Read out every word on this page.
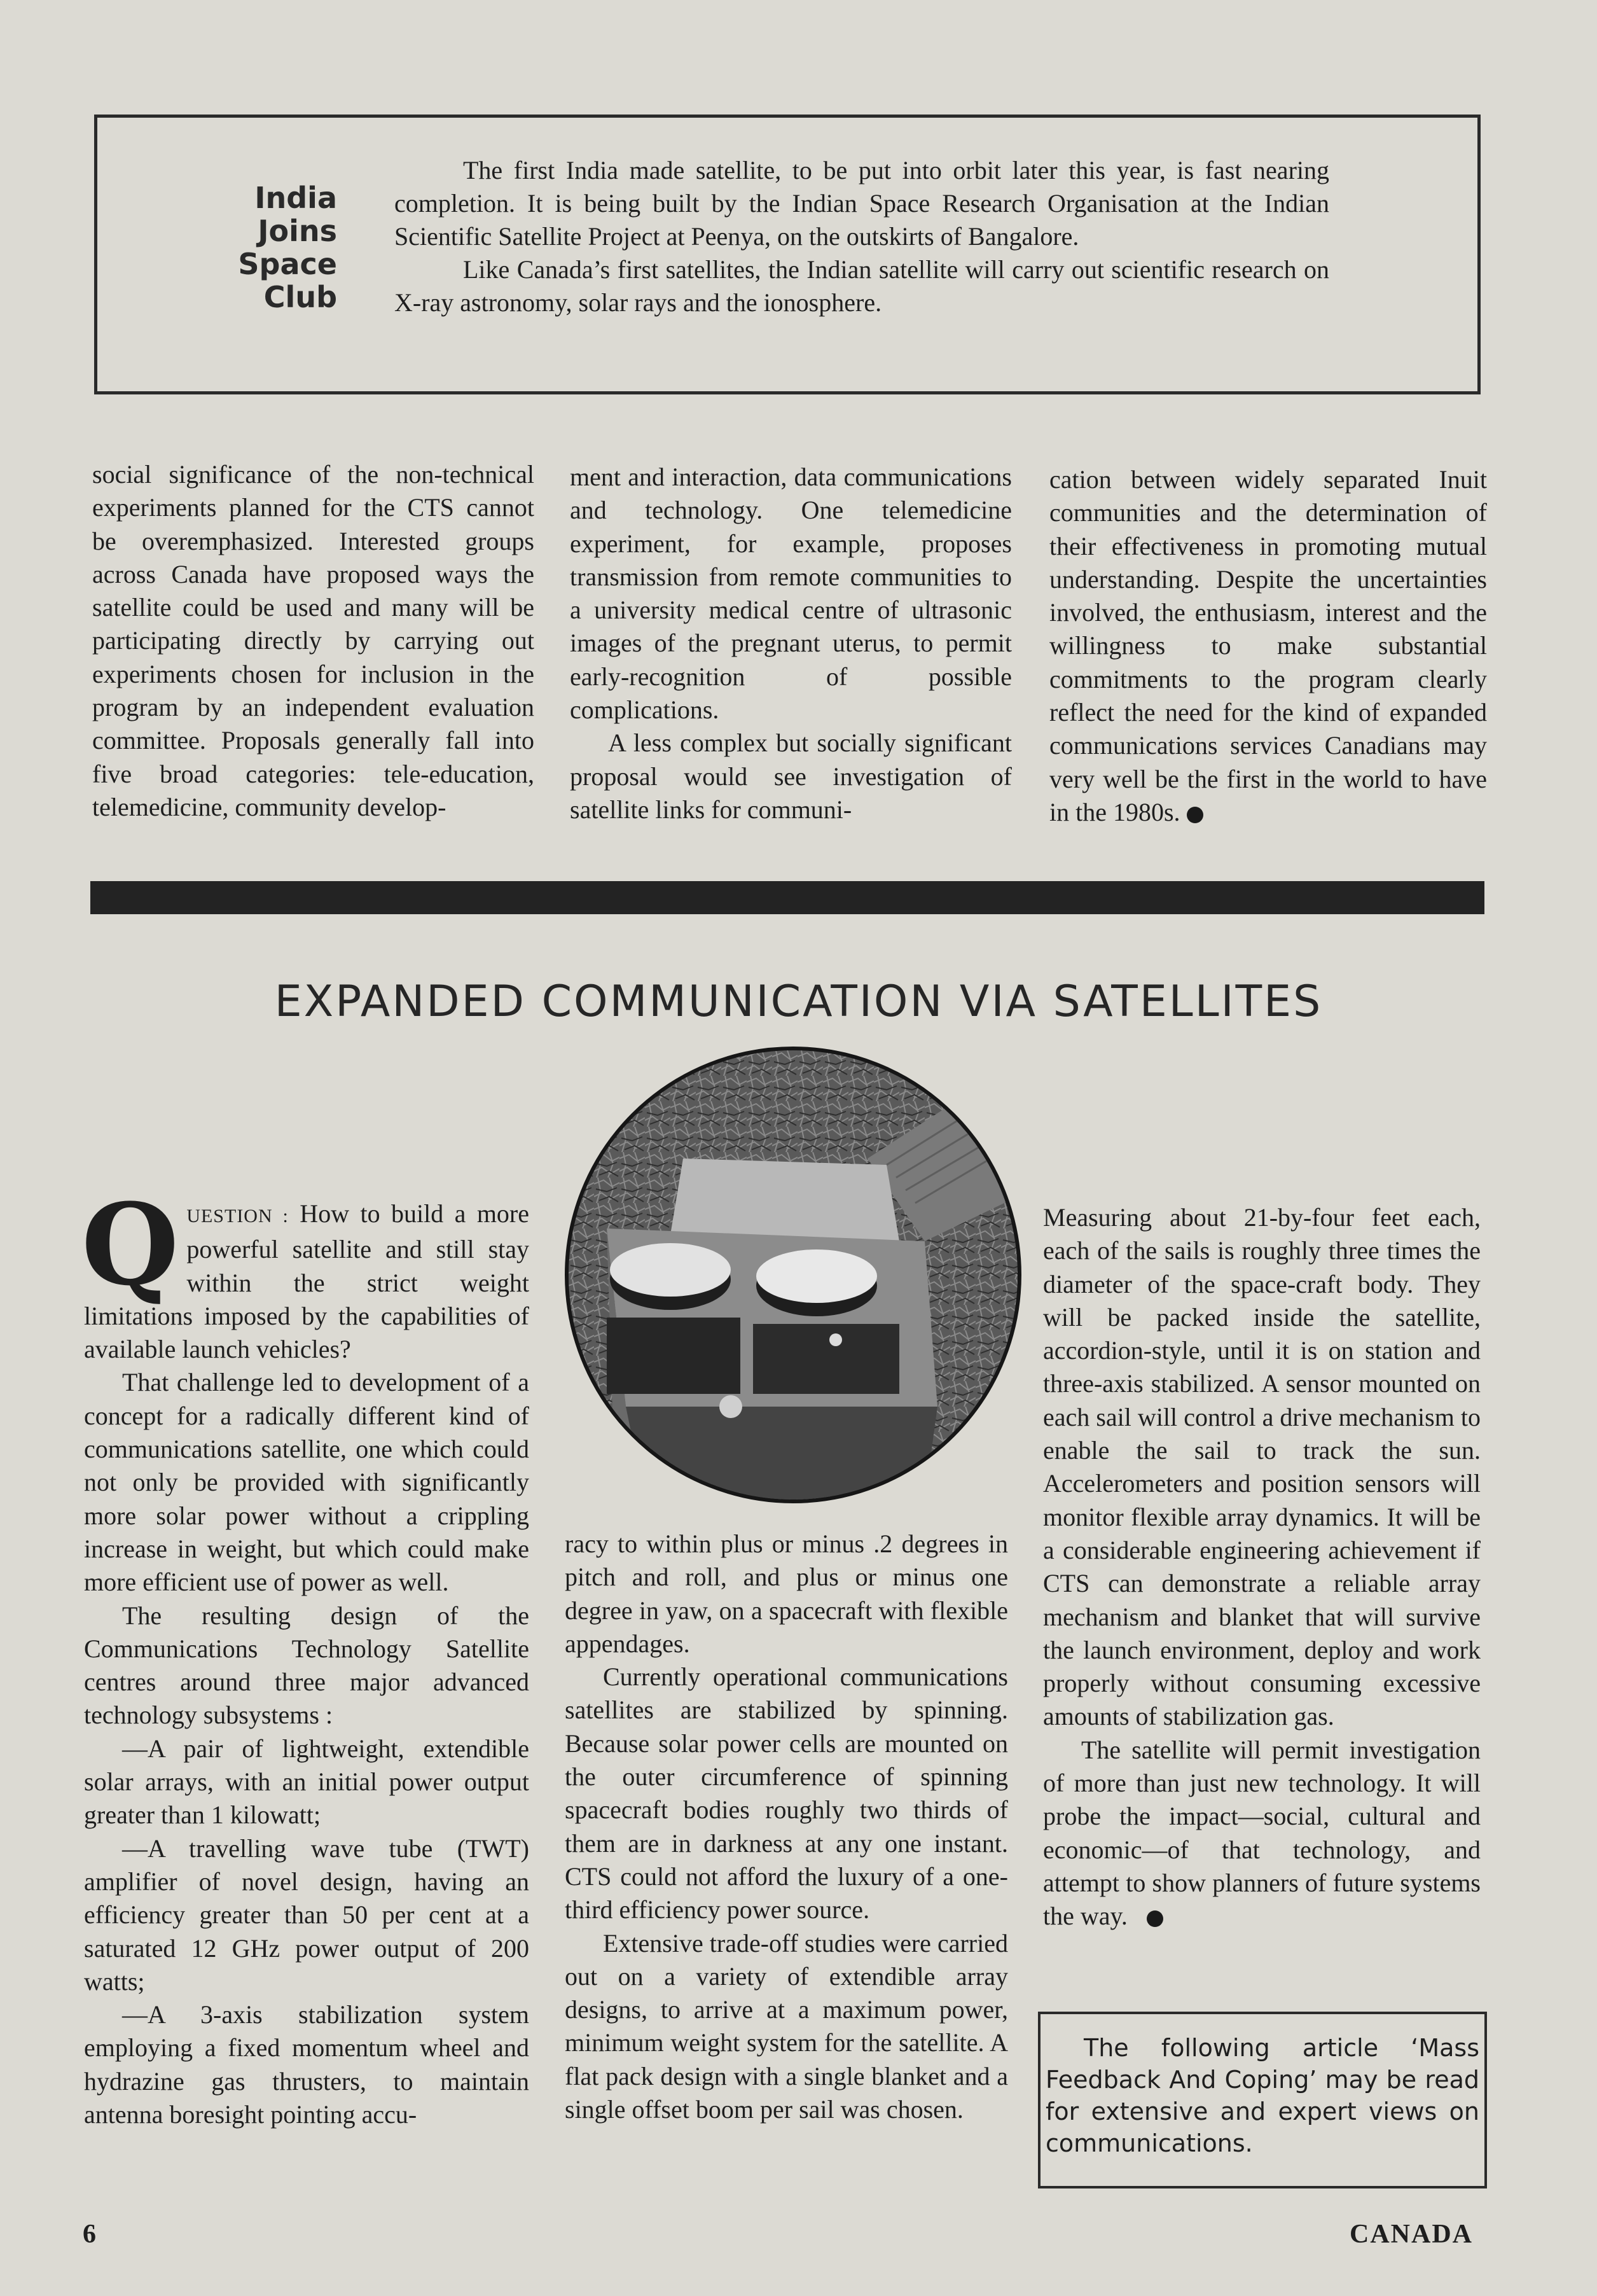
India
Joins
Space
Club

The first India made satellite, to be put into orbit later this year, is fast nearing completion. It is being built by the Indian Space Research Organisation at the Indian Scientific Satellite Project at Peenya, on the outskirts of Bangalore.

Like Canada’s first satellites, the Indian satellite will carry out scientific research on X-ray astronomy, solar rays and the ionosphere.

social significance of the non-technical experiments planned for the CTS cannot be overemphasized. Interested groups across Canada have proposed ways the satellite could be used and many will be participating directly by carrying out experiments chosen for inclusion in the program by an independent evaluation committee. Proposals generally fall into five broad categories: tele-education, telemedicine, community develop-

ment and interaction, data communications and technology. One telemedicine experiment, for example, proposes transmission from remote communities to a university medical centre of ultrasonic images of the pregnant uterus, to permit early-recognition of possible complications.

A less complex but socially significant proposal would see investigation of satellite links for communi-

cation between widely separated Inuit communities and the determination of their effectiveness in promoting mutual understanding. Despite the uncertainties involved, the enthusiasm, interest and the willingness to make substantial commitments to the program clearly reflect the need for the kind of expanded communications services Canadians may very well be the first in the world to have in the 1980s.

EXPANDED COMMUNICATION VIA SATELLITES

QUESTION : How to build a more powerful satellite and still stay within the strict weight limitations imposed by the capabilities of available launch vehicles?

That challenge led to development of a concept for a radically different kind of communications satellite, one which could not only be provided with significantly more solar power without a crippling increase in weight, but which could make more efficient use of power as well.

The resulting design of the Communications Technology Satellite centres around three major advanced technology subsystems :

—A pair of lightweight, extendible solar arrays, with an initial power output greater than 1 kilowatt;

—A travelling wave tube (TWT) amplifier of novel design, having an efficiency greater than 50 per cent at a saturated 12 GHz power output of 200 watts;

—A 3-axis stabilization system employing a fixed momentum wheel and hydrazine gas thrusters, to maintain antenna boresight pointing accu-

racy to within plus or minus .2 degrees in pitch and roll, and plus or minus one degree in yaw, on a spacecraft with flexible appendages.

Currently operational communications satellites are stabilized by spinning. Because solar power cells are mounted on the outer circumference of spinning spacecraft bodies roughly two thirds of them are in darkness at any one instant. CTS could not afford the luxury of a one-third efficiency power source.

Extensive trade-off studies were carried out on a variety of extendible array designs, to arrive at a maximum power, minimum weight system for the satellite. A flat pack design with a single blanket and a single offset boom per sail was chosen.

Measuring about 21-by-four feet each, each of the sails is roughly three times the diameter of the space-craft body. They will be packed inside the satellite, accordion-style, until it is on station and three-axis stabilized. A sensor mounted on each sail will control a drive mechanism to enable the sail to track the sun. Accelerometers and position sensors will monitor flexible array dynamics. It will be a considerable engineering achievement if CTS can demonstrate a reliable array mechanism and blanket that will survive the launch environment, deploy and work properly without consuming excessive amounts of stabilization gas.

The satellite will permit investigation of more than just new technology. It will probe the impact—social, cultural and economic—of that technology, and attempt to show planners of future systems the way.

The following article ‘Mass Feedback And Coping’ may be read for extensive and expert views on communications.

6	CANADA
